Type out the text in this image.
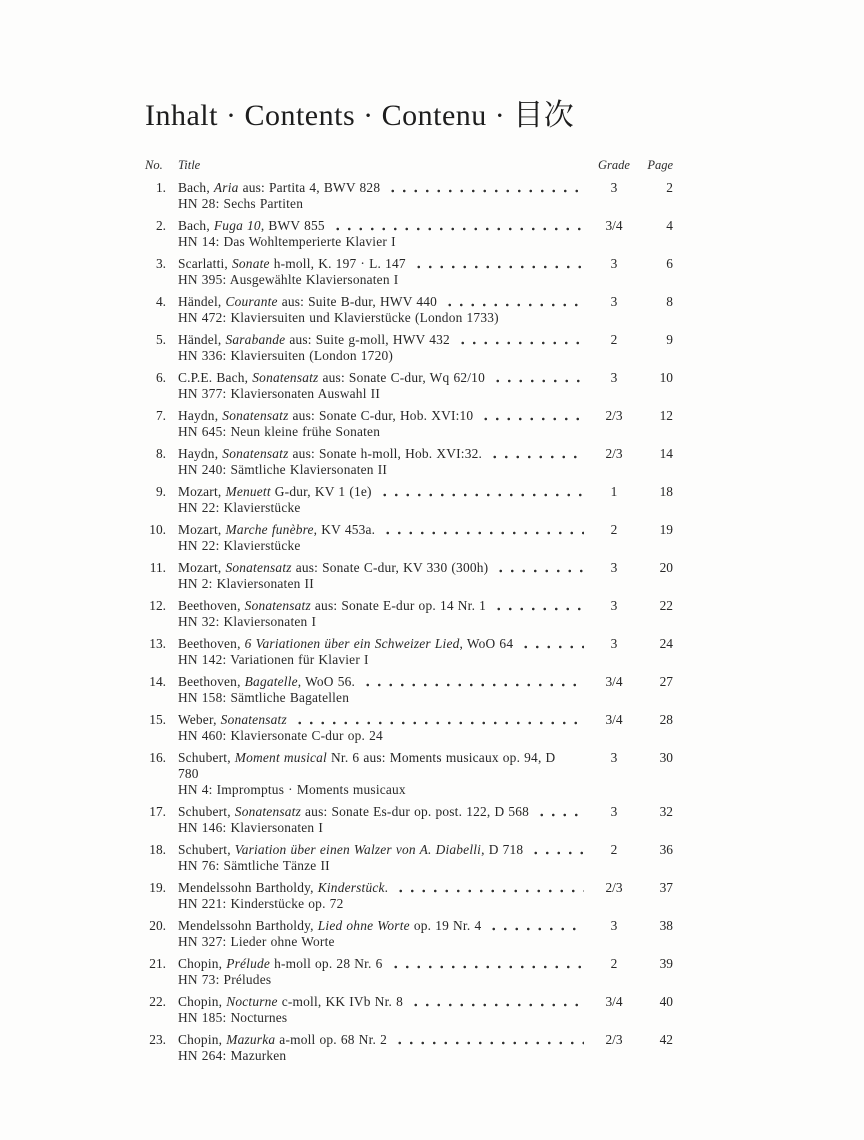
Inhalt · Contents · Contenu · 目次
No.	Title	Grade	Page
1. Bach, Aria aus: Partita 4, BWV 828	3	2
HN 28: Sechs Partiten
2. Bach, Fuga 10, BWV 855	3/4	4
HN 14: Das Wohltemperierte Klavier I
3. Scarlatti, Sonate h-moll, K. 197 · L. 147	3	6
HN 395: Ausgewählte Klaviersonaten I
4. Händel, Courante aus: Suite B-dur, HWV 440	3	8
HN 472: Klaviersuiten und Klavierstücke (London 1733)
5. Händel, Sarabande aus: Suite g-moll, HWV 432	2	9
HN 336: Klaviersuiten (London 1720)
6. C.P.E. Bach, Sonatensatz aus: Sonate C-dur, Wq 62/10	3	10
HN 377: Klaviersonaten Auswahl II
7. Haydn, Sonatensatz aus: Sonate C-dur, Hob. XVI:10	2/3	12
HN 645: Neun kleine frühe Sonaten
8. Haydn, Sonatensatz aus: Sonate h-moll, Hob. XVI:32.	2/3	14
HN 240: Sämtliche Klaviersonaten II
9. Mozart, Menuett G-dur, KV 1 (1e)	1	18
HN 22: Klavierstücke
10. Mozart, Marche funèbre, KV 453a.	2	19
HN 22: Klavierstücke
11. Mozart, Sonatensatz aus: Sonate C-dur, KV 330 (300h)	3	20
HN 2: Klaviersonaten II
12. Beethoven, Sonatensatz aus: Sonate E-dur op. 14 Nr. 1	3	22
HN 32: Klaviersonaten I
13. Beethoven, 6 Variationen über ein Schweizer Lied, WoO 64	3	24
HN 142: Variationen für Klavier I
14. Beethoven, Bagatelle, WoO 56.	3/4	27
HN 158: Sämtliche Bagatellen
15. Weber, Sonatensatz	3/4	28
HN 460: Klaviersonate C-dur op. 24
16. Schubert, Moment musical Nr. 6 aus: Moments musicaux op. 94, D 780
3	30
HN 4: Impromptus · Moments musicaux
17. Schubert, Sonatensatz aus: Sonate Es-dur op. post. 122, D 568	3	32
HN 146: Klaviersonaten I
18. Schubert, Variation über einen Walzer von A. Diabelli, D 718	2	36
HN 76: Sämtliche Tänze II
19. Mendelssohn Bartholdy, Kinderstück.	2/3	37
HN 221: Kinderstücke op. 72
20. Mendelssohn Bartholdy, Lied ohne Worte op. 19 Nr. 4	3	38
HN 327: Lieder ohne Worte
21. Chopin, Prélude h-moll op. 28 Nr. 6	2	39
HN 73: Préludes
22. Chopin, Nocturne c-moll, KK IVb Nr. 8	3/4	40
HN 185: Nocturnes
23. Chopin, Mazurka a-moll op. 68 Nr. 2	2/3	42
HN 264: Mazurken
